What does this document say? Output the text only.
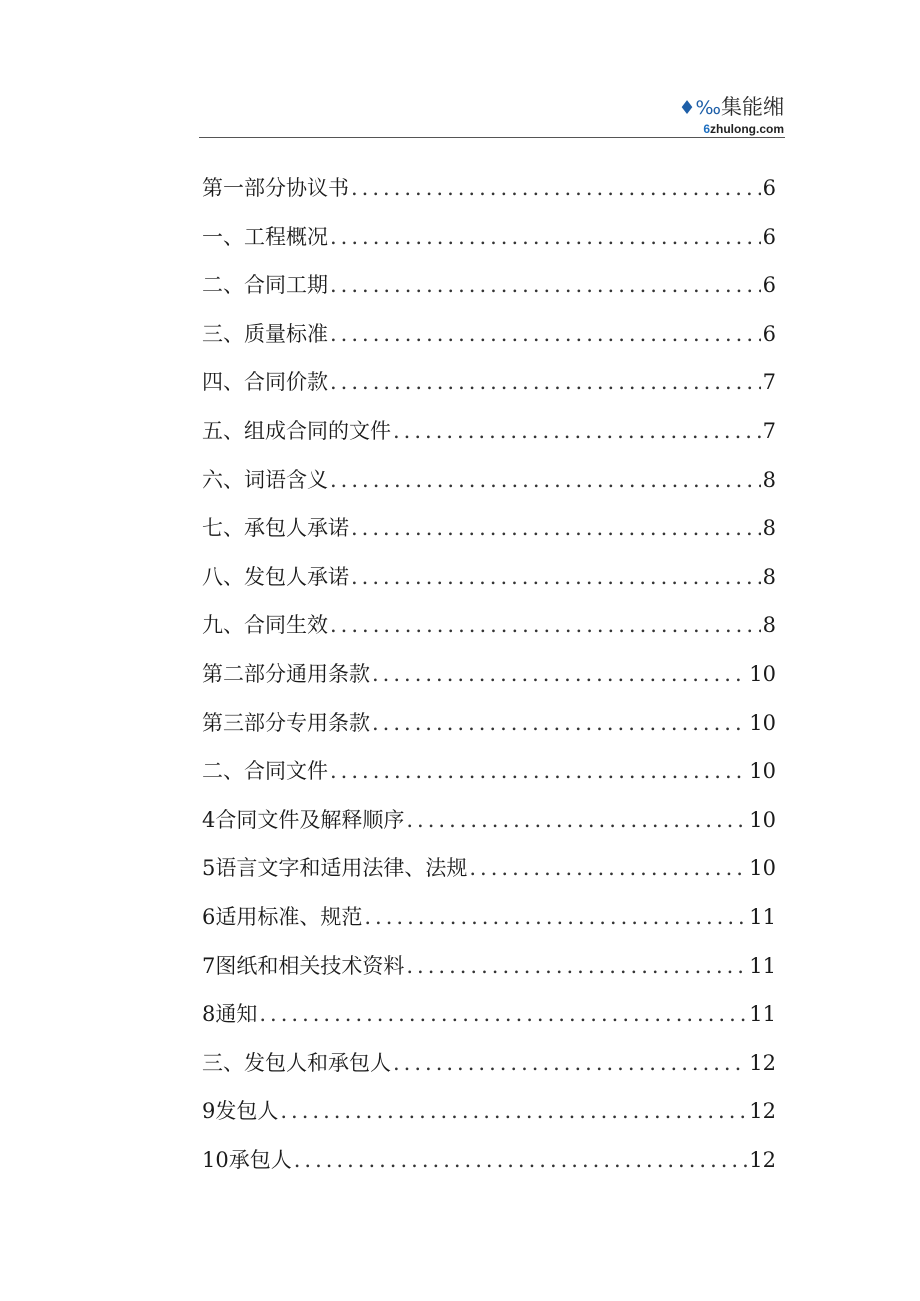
♦‰集能缃
6zhulong.com
第一部分协议书 .....	6
一、工程概况 .....	6
二、合同工期 .....	6
三、质量标准 .....	6
四、合同价款 .....	7
五、组成合同的文件 .....	7
六、词语含义 .....	8
七、承包人承诺 .....	8
八、发包人承诺 .....	8
九、合同生效 .....	8
第二部分通用条款 .....	10
第三部分专用条款 .....	10
二、合同文件 .....	10
4合同文件及解释顺序 .....	10
5语言文字和适用法律、法规 .....	10
6适用标准、规范 .....	11
7图纸和相关技术资料 .....	11
8通知 .....	11
三、发包人和承包人 .....	12
9发包人 .....	12
10承包人 .....	12
